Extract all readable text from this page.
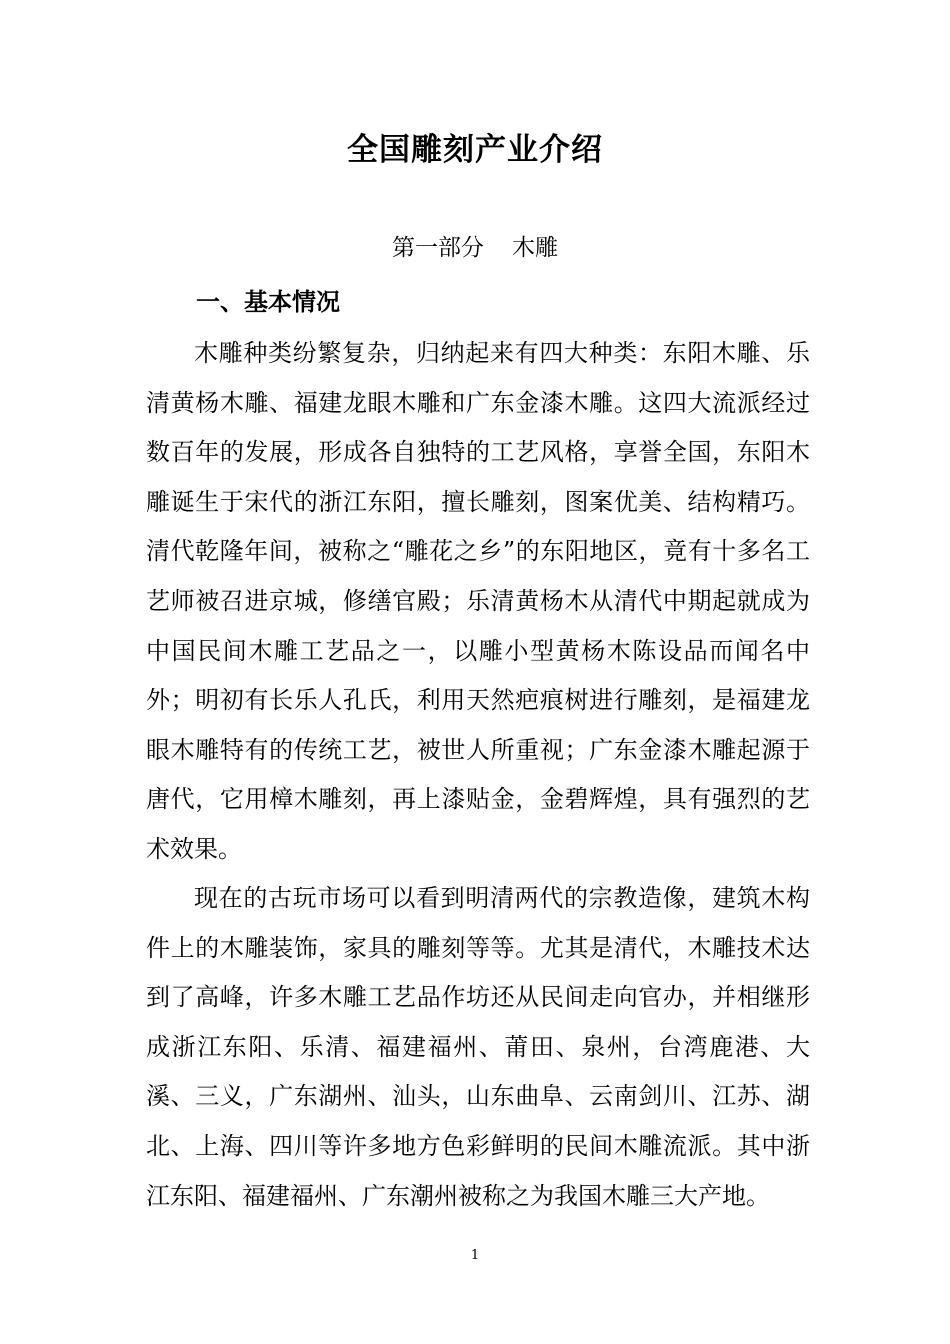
全国雕刻产业介绍
第一部分 木雕
一、基本情况

木雕种类纷繁复杂，归纳起来有四大种类：东阳木雕、乐清黄杨木雕、福建龙眼木雕和广东金漆木雕。这四大流派经过数百年的发展，形成各自独特的工艺风格，享誉全国，东阳木雕诞生于宋代的浙江东阳，擅长雕刻，图案优美、结构精巧。清代乾隆年间，被称之“雕花之乡”的东阳地区，竟有十多名工艺师被召进京城，修缮官殿；乐清黄杨木从清代中期起就成为中国民间木雕工艺品之一，以雕小型黄杨木陈设品而闻名中外；明初有长乐人孔氏，利用天然疤痕树进行雕刻，是福建龙眼木雕特有的传统工艺，被世人所重视；广东金漆木雕起源于唐代，它用樟木雕刻，再上漆贴金，金碧辉煌，具有强烈的艺术效果。

现在的古玩市场可以看到明清两代的宗教造像，建筑木构件上的木雕装饰，家具的雕刻等等。尤其是清代，木雕技术达到了高峰，许多木雕工艺品作坊还从民间走向官办，并相继形成浙江东阳、乐清、福建福州、莆田、泉州，台湾鹿港、大溪、三义，广东湖州、汕头，山东曲阜、云南剑川、江苏、湖北、上海、四川等许多地方色彩鲜明的民间木雕流派。其中浙江东阳、福建福州、广东潮州被称之为我国木雕三大产地。

1
